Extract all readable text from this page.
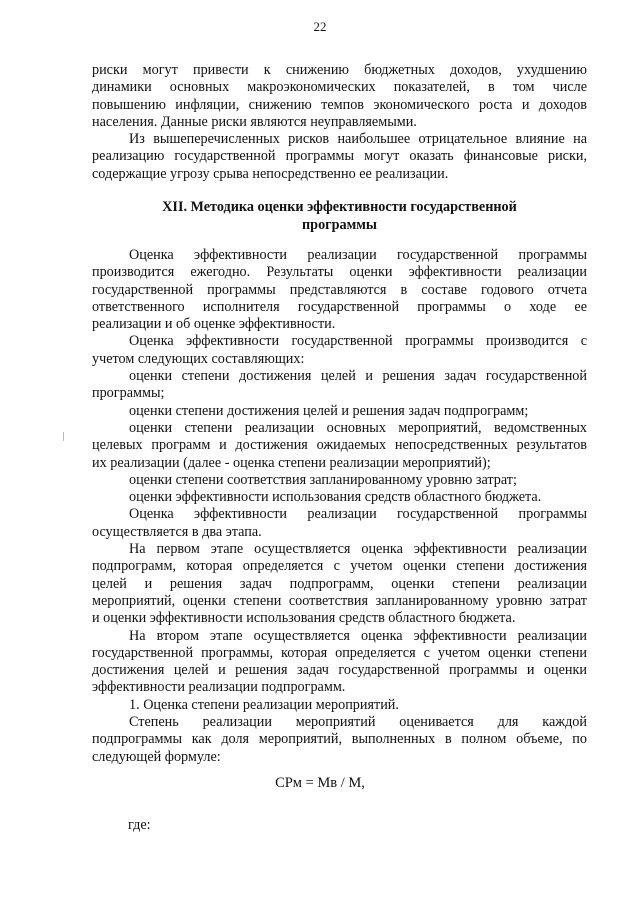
22

риски могут привести к снижению бюджетных доходов, ухудшению

динамики основных макроэкономических показателей, в том числе

повышению инфляции, снижению темпов экономического роста и доходов

населения. Данные риски являются неуправляемыми.

Из вышеперечисленных рисков наибольшее отрицательное влияние на

реализацию государственной программы могут оказать финансовые риски,

содержащие угрозу срыва непосредственно ее реализации.

XII. Методика оценки эффективности государственной
программы

Оценка эффективности реализации государственной программы

производится ежегодно. Результаты оценки эффективности реализации

государственной программы представляются в составе годового отчета

ответственного исполнителя государственной программы о ходе ее

реализации и об оценке эффективности.

Оценка эффективности государственной программы производится с

учетом следующих составляющих:

оценки степени достижения целей и решения задач государственной

программы;

оценки степени достижения целей и решения задач подпрограмм;

оценки степени реализации основных мероприятий, ведомственных

целевых программ и достижения ожидаемых непосредственных результатов

их реализации (далее - оценка степени реализации мероприятий);

оценки степени соответствия запланированному уровню затрат;

оценки эффективности использования средств областного бюджета.

Оценка эффективности реализации государственной программы

осуществляется в два этапа.

На первом этапе осуществляется оценка эффективности реализации

подпрограмм, которая определяется с учетом оценки степени достижения

целей и решения задач подпрограмм, оценки степени реализации

мероприятий, оценки степени соответствия запланированному уровню затрат

и оценки эффективности использования средств областного бюджета.

На втором этапе осуществляется оценка эффективности реализации

государственной программы, которая определяется с учетом оценки степени

достижения целей и решения задач государственной программы и оценки

эффективности реализации подпрограмм.

1. Оценка степени реализации мероприятий.

Степень реализации мероприятий оценивается для каждой

подпрограммы как доля мероприятий, выполненных в полном объеме, по

следующей формуле:

СРм = Мв / М,
где:
